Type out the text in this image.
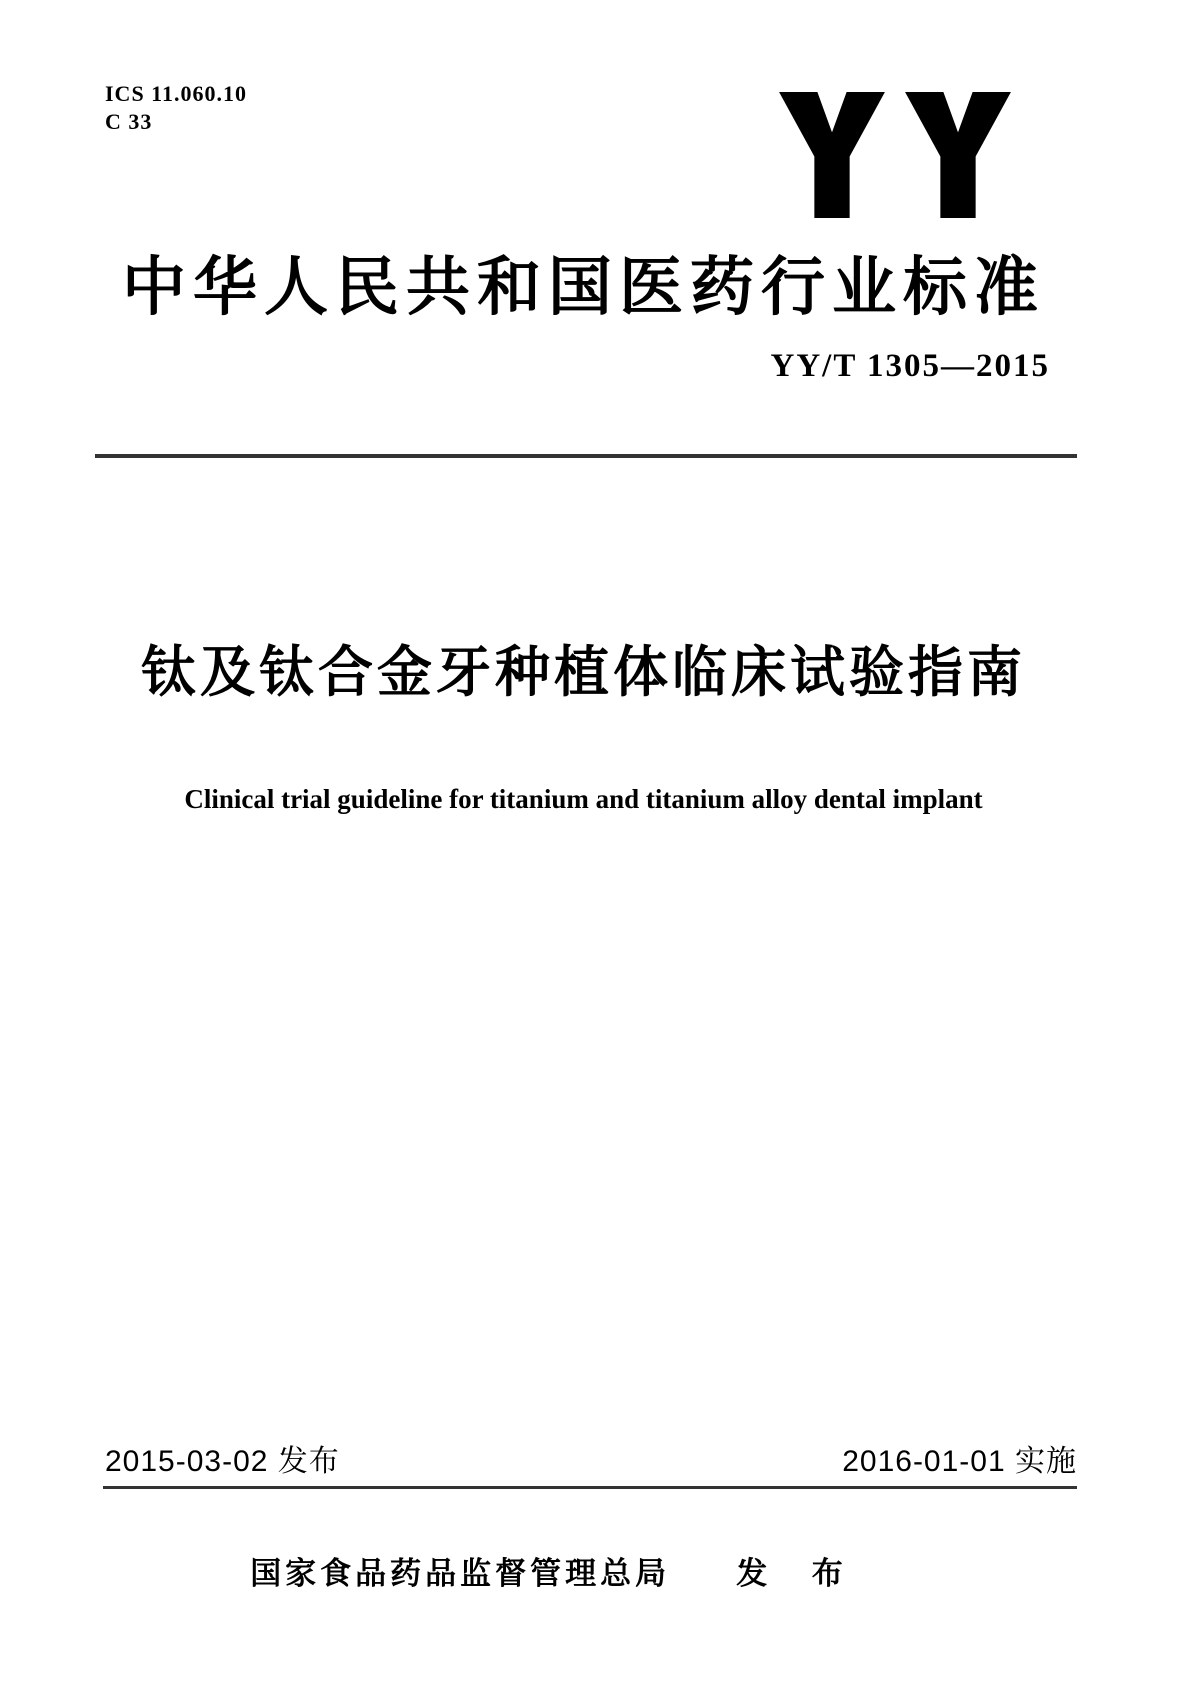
ICS 11.060.10
C 33
中华人民共和国医药行业标准
YY/T 1305—2015
钛及钛合金牙种植体临床试验指南
Clinical trial guideline for titanium and titanium alloy dental implant
2015-03-02 发布	2016-01-01 实施
国家食品药品监督管理总局 发 布
